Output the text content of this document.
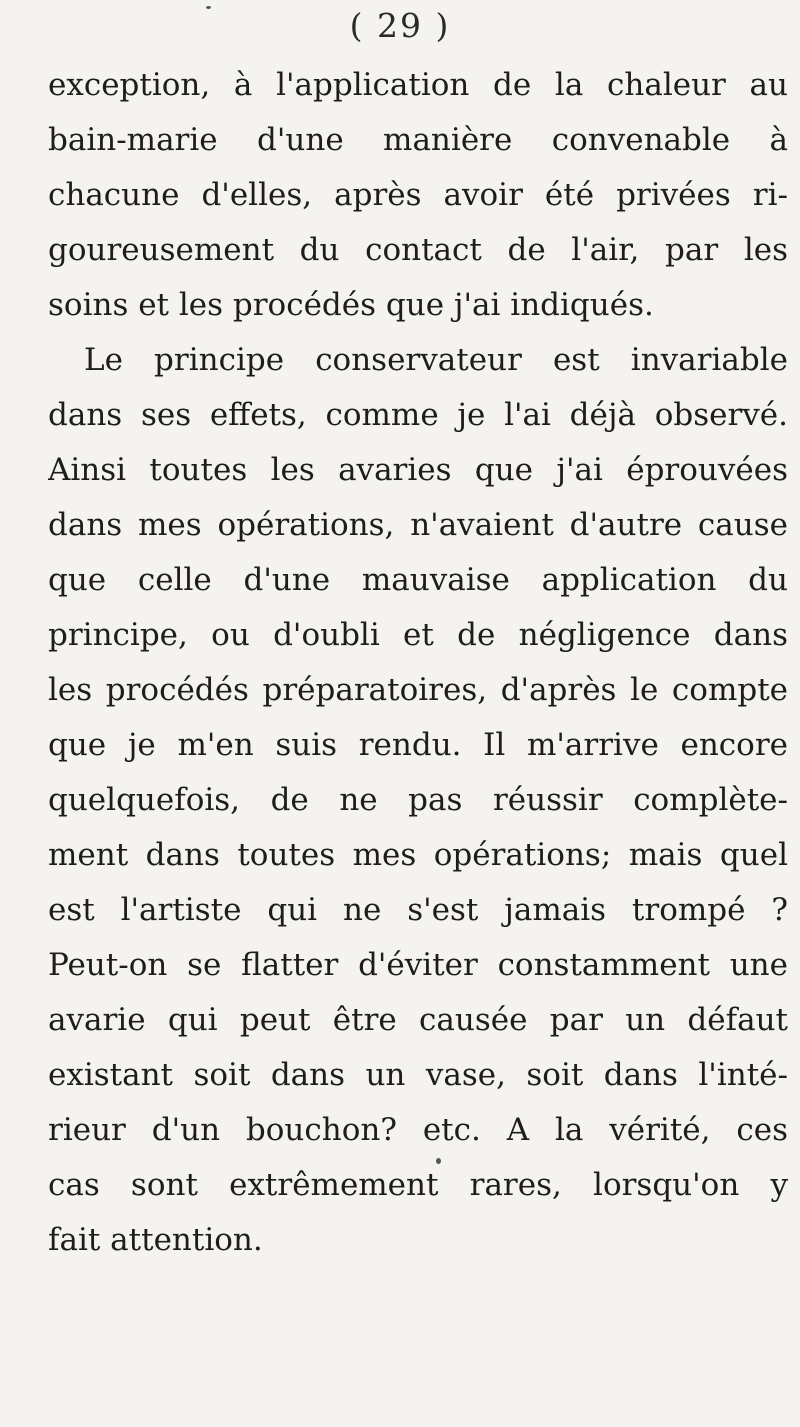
( 29 )
exception, à l'application de la chaleur au
bain-marie d'une manière convenable à
chacune d'elles, après avoir été privées ri-
goureusement du contact de l'air, par les
soins et les procédés que j'ai indiqués.
Le principe conservateur est invariable
dans ses effets, comme je l'ai déjà observé.
Ainsi toutes les avaries que j'ai éprouvées
dans mes opérations, n'avaient d'autre cause
que celle d'une mauvaise application du
principe, ou d'oubli et de négligence dans
les procédés préparatoires, d'après le compte
que je m'en suis rendu. Il m'arrive encore
quelquefois, de ne pas réussir complète-
ment dans toutes mes opérations; mais quel
est l'artiste qui ne s'est jamais trompé ?
Peut-on se flatter d'éviter constamment une
avarie qui peut être causée par un défaut
existant soit dans un vase, soit dans l'inté-
rieur d'un bouchon? etc. A la vérité, ces
cas sont extrêmement rares, lorsqu'on y
fait attention.
